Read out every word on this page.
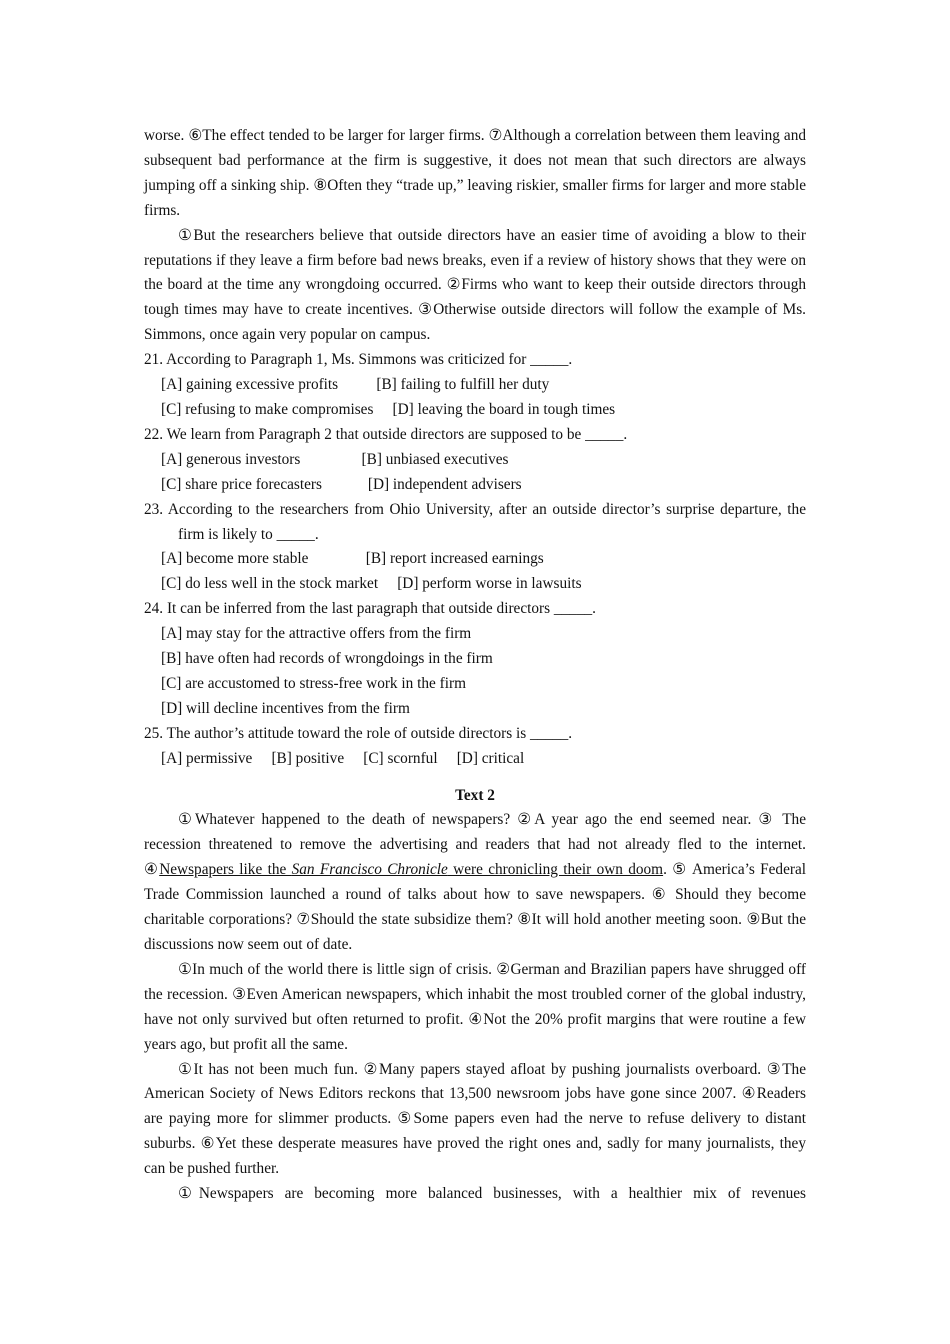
worse. ⑥The effect tended to be larger for larger firms. ⑦Although a correlation between them leaving and subsequent bad performance at the firm is suggestive, it does not mean that such directors are always jumping off a sinking ship. ⑧Often they “trade up,” leaving riskier, smaller firms for larger and more stable firms.

①But the researchers believe that outside directors have an easier time of avoiding a blow to their reputations if they leave a firm before bad news breaks, even if a review of history shows that they were on the board at the time any wrongdoing occurred. ②Firms who want to keep their outside directors through tough times may have to create incentives. ③Otherwise outside directors will follow the example of Ms. Simmons, once again very popular on campus.

21. According to Paragraph 1, Ms. Simmons was criticized for _____.

[A] gaining excessive profits          [B] failing to fulfill her duty

[C] refusing to make compromises     [D] leaving the board in tough times

22. We learn from Paragraph 2 that outside directors are supposed to be _____.

[A] generous investors                [B] unbiased executives

[C] share price forecasters            [D] independent advisers

23. According to the researchers from Ohio University, after an outside director’s surprise departure, the firm is likely to _____.

[A] become more stable               [B] report increased earnings

[C] do less well in the stock market     [D] perform worse in lawsuits

24. It can be inferred from the last paragraph that outside directors _____.

[A] may stay for the attractive offers from the firm

[B] have often had records of wrongdoings in the firm

[C] are accustomed to stress-free work in the firm

[D] will decline incentives from the firm

25. The author’s attitude toward the role of outside directors is _____.

[A] permissive     [B] positive     [C] scornful     [D] critical

Text 2

①Whatever happened to the death of newspapers? ②A year ago the end seemed near. ③ The recession threatened to remove the advertising and readers that had not already fled to the internet. ④Newspapers like the San Francisco Chronicle were chronicling their own doom. ⑤ America’s Federal Trade Commission launched a round of talks about how to save newspapers. ⑥ Should they become charitable corporations? ⑦Should the state subsidize them? ⑧It will hold another meeting soon. ⑨But the discussions now seem out of date.

①In much of the world there is little sign of crisis. ②German and Brazilian papers have shrugged off the recession. ③Even American newspapers, which inhabit the most troubled corner of the global industry, have not only survived but often returned to profit. ④Not the 20% profit margins that were routine a few years ago, but profit all the same.

①It has not been much fun. ②Many papers stayed afloat by pushing journalists overboard. ③The American Society of News Editors reckons that 13,500 newsroom jobs have gone since 2007. ④Readers are paying more for slimmer products. ⑤Some papers even had the nerve to refuse delivery to distant suburbs. ⑥Yet these desperate measures have proved the right ones and, sadly for many journalists, they can be pushed further.

①Newspapers are becoming more balanced businesses, with a healthier mix of revenues
